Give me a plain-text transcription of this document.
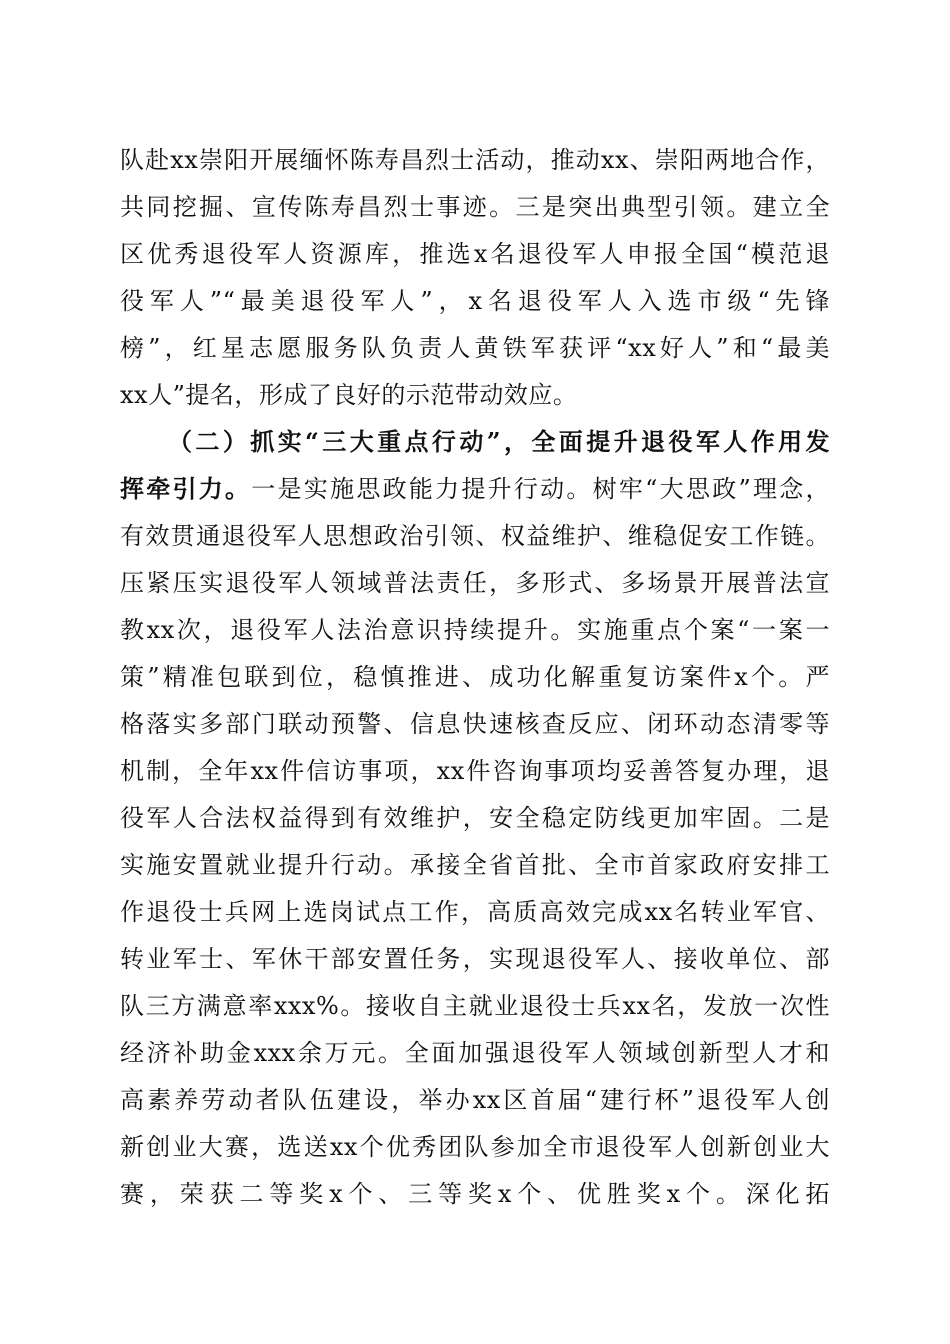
队赴xx崇阳开展缅怀陈寿昌烈士活动，推动xx、崇阳两地合作，
共同挖掘、宣传陈寿昌烈士事迹。三是突出典型引领。建立全
区优秀退役军人资源库，推选x名退役军人申报全国“模范退
役军人”“最美退役军人”，x名退役军人入选市级“先锋
榜”，红星志愿服务队负责人黄铁军获评“xx好人”和“最美
xx人”提名，形成了良好的示范带动效应。
（二）抓实“三大重点行动”，全面提升退役军人作用发
挥牵引力。一是实施思政能力提升行动。树牢“大思政”理念，
有效贯通退役军人思想政治引领、权益维护、维稳促安工作链。
压紧压实退役军人领域普法责任，多形式、多场景开展普法宣
教xx次，退役军人法治意识持续提升。实施重点个案“一案一
策”精准包联到位，稳慎推进、成功化解重复访案件x个。严
格落实多部门联动预警、信息快速核查反应、闭环动态清零等
机制，全年xx件信访事项，xx件咨询事项均妥善答复办理，退
役军人合法权益得到有效维护，安全稳定防线更加牢固。二是
实施安置就业提升行动。承接全省首批、全市首家政府安排工
作退役士兵网上选岗试点工作，高质高效完成xx名转业军官、
转业军士、军休干部安置任务，实现退役军人、接收单位、部
队三方满意率xxx%。接收自主就业退役士兵xx名，发放一次性
经济补助金xxx余万元。全面加强退役军人领域创新型人才和
高素养劳动者队伍建设，举办xx区首届“建行杯”退役军人创
新创业大赛，选送xx个优秀团队参加全市退役军人创新创业大
赛，荣获二等奖x个、三等奖x个、优胜奖x个。深化拓
